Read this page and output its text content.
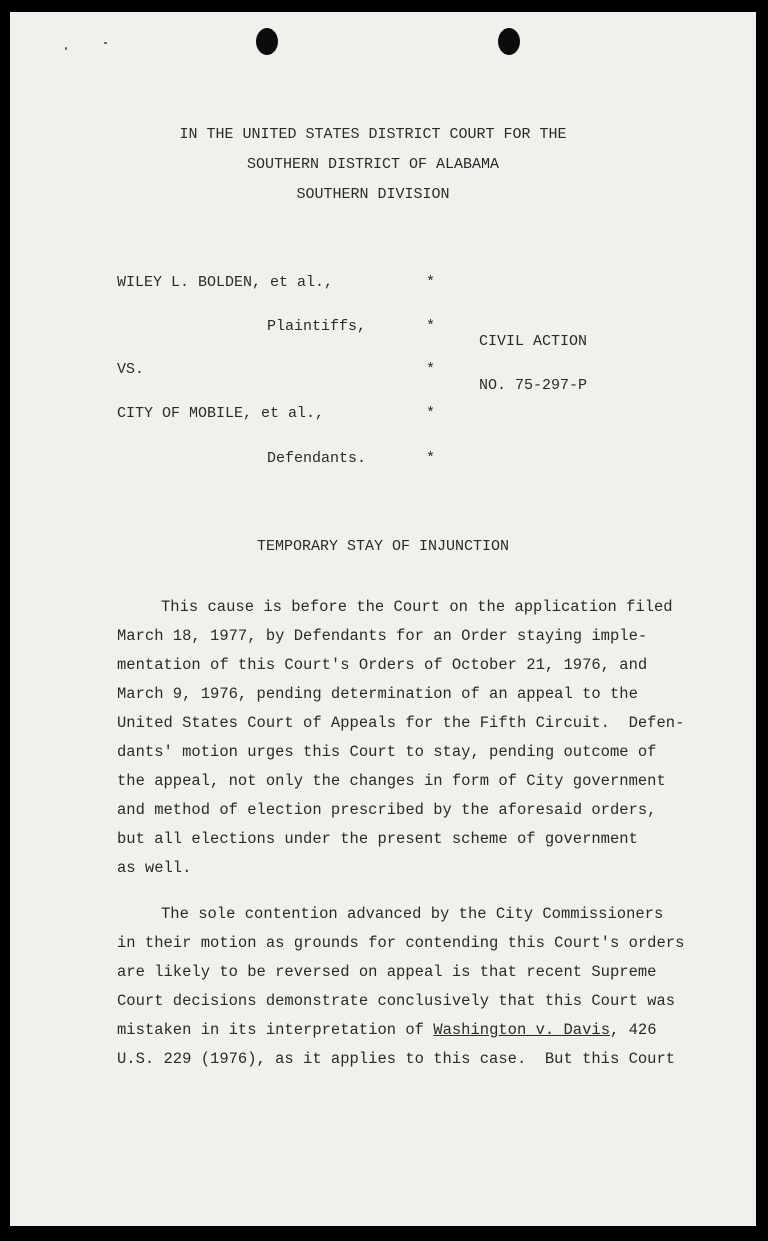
IN THE UNITED STATES DISTRICT COURT FOR THE
SOUTHERN DISTRICT OF ALABAMA
SOUTHERN DIVISION
WILEY L. BOLDEN, et al.,	*
Plaintiffs,	*
CIVIL ACTION
VS.	*
NO. 75-297-P
CITY OF MOBILE, et al.,	*
Defendants.	*
TEMPORARY STAY OF INJUNCTION
This cause is before the Court on the application filed
March 18, 1977, by Defendants for an Order staying imple-
mentation of this Court's Orders of October 21, 1976, and
March 9, 1976, pending determination of an appeal to the
United States Court of Appeals for the Fifth Circuit.  Defen-
dants' motion urges this Court to stay, pending outcome of
the appeal, not only the changes in form of City government
and method of election prescribed by the aforesaid orders,
but all elections under the present scheme of government
as well.
The sole contention advanced by the City Commissioners
in their motion as grounds for contending this Court's orders
are likely to be reversed on appeal is that recent Supreme
Court decisions demonstrate conclusively that this Court was
mistaken in its interpretation of Washington v. Davis, 426
U.S. 229 (1976), as it applies to this case.  But this Court
